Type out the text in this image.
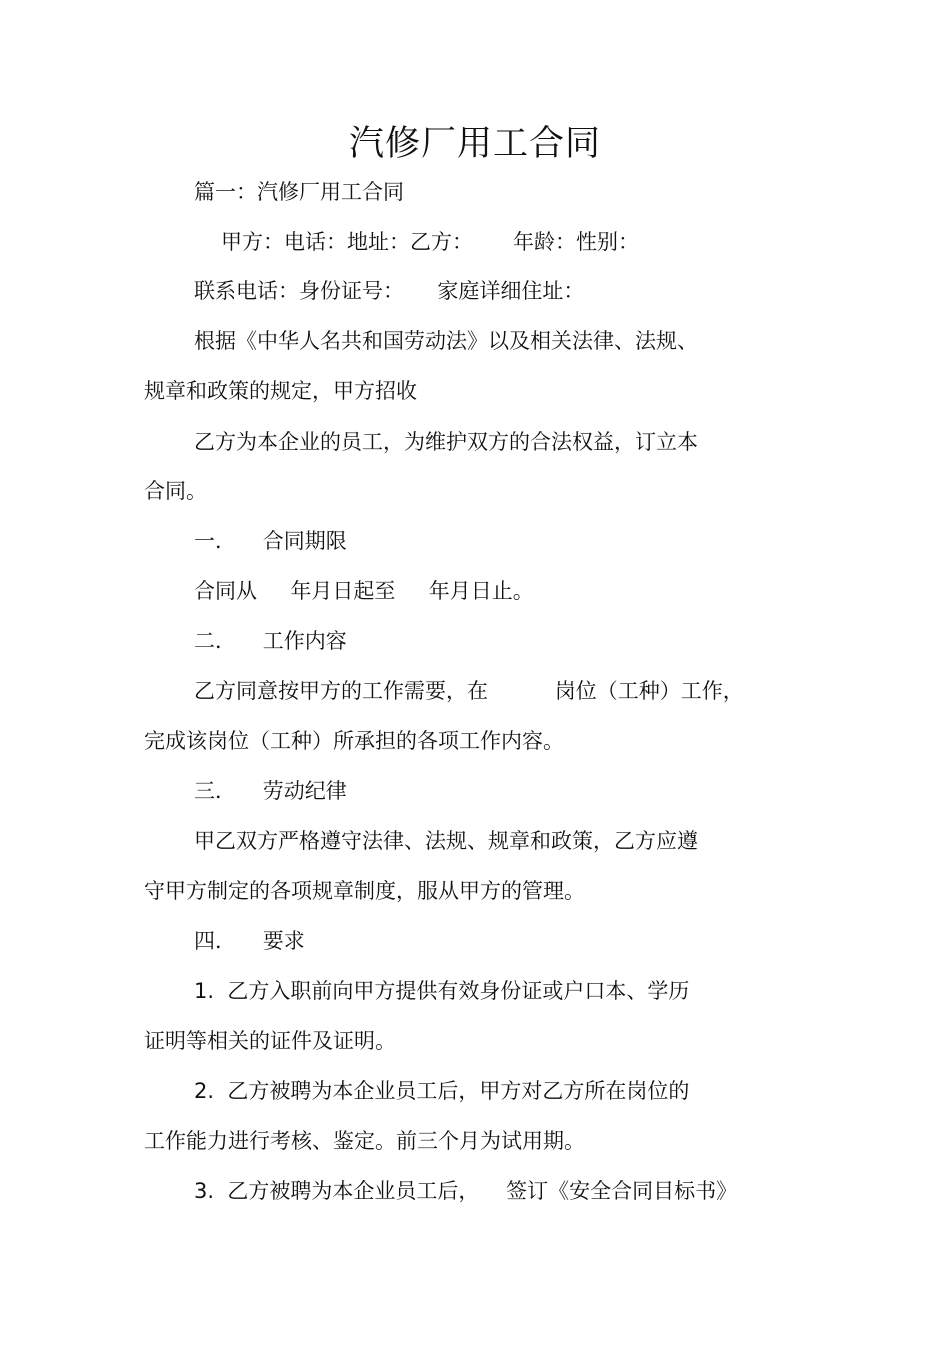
汽修厂用工合同
篇一：汽修厂用工合同
甲方：电话：地址：乙方：      年龄：性别：
联系电话：身份证号：     家庭详细住址：
根据《中华人名共和国劳动法》以及相关法律、法规、
规章和政策的规定，甲方招收
乙方为本企业的员工，为维护双方的合法权益，订立本
合同。
一．    合同期限
合同从     年月日起至     年月日止。
二．    工作内容
乙方同意按甲方的工作需要，在          岗位（工种）工作，
完成该岗位（工种）所承担的各项工作内容。
三．    劳动纪律
甲乙双方严格遵守法律、法规、规章和政策，乙方应遵
守甲方制定的各项规章制度，服从甲方的管理。
四．    要求
1.  乙方入职前向甲方提供有效身份证或户口本、学历
证明等相关的证件及证明。
2.  乙方被聘为本企业员工后，甲方对乙方所在岗位的
工作能力进行考核、鉴定。前三个月为试用期。
3.  乙方被聘为本企业员工后，    签订《安全合同目标书》
